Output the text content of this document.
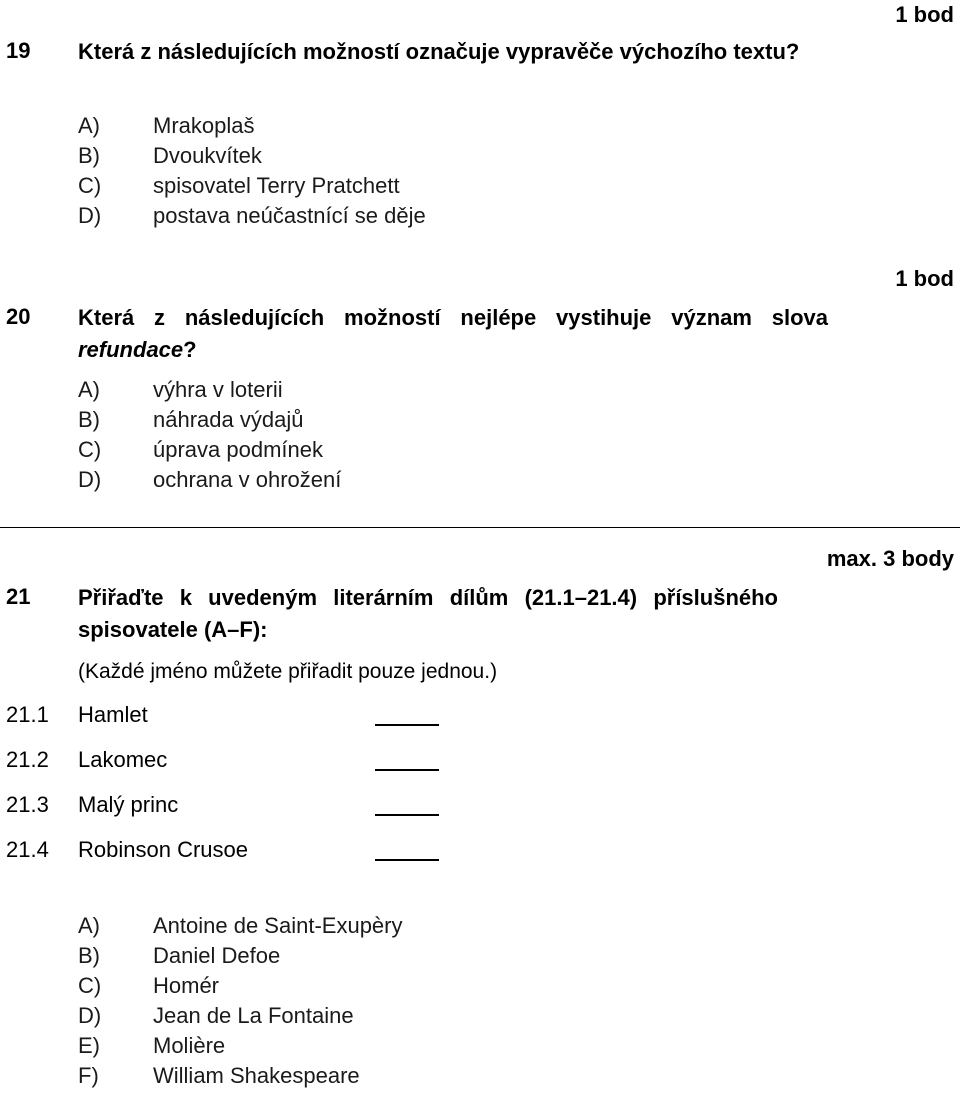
1 bod
19 Která z následujících možností označuje vypravěče výchozího textu?
A) Mrakoplaš
B) Dvoukvítek
C) spisovatel Terry Pratchett
D) postava neúčastnící se děje
1 bod
20 Která z následujících možností nejlépe vystihuje význam slova refundace?
A) výhra v loterii
B) náhrada výdajů
C) úprava podmínek
D) ochrana v ohrožení
max. 3 body
21 Přiřaďte k uvedeným literárním dílům (21.1–21.4) příslušného spisovatele (A–F):
(Každé jméno můžete přiřadit pouze jednou.)
21.1 Hamlet
21.2 Lakomec
21.3 Malý princ
21.4 Robinson Crusoe
A) Antoine de Saint-Exupèry
B) Daniel Defoe
C) Homér
D) Jean de La Fontaine
E) Molière
F) William Shakespeare
